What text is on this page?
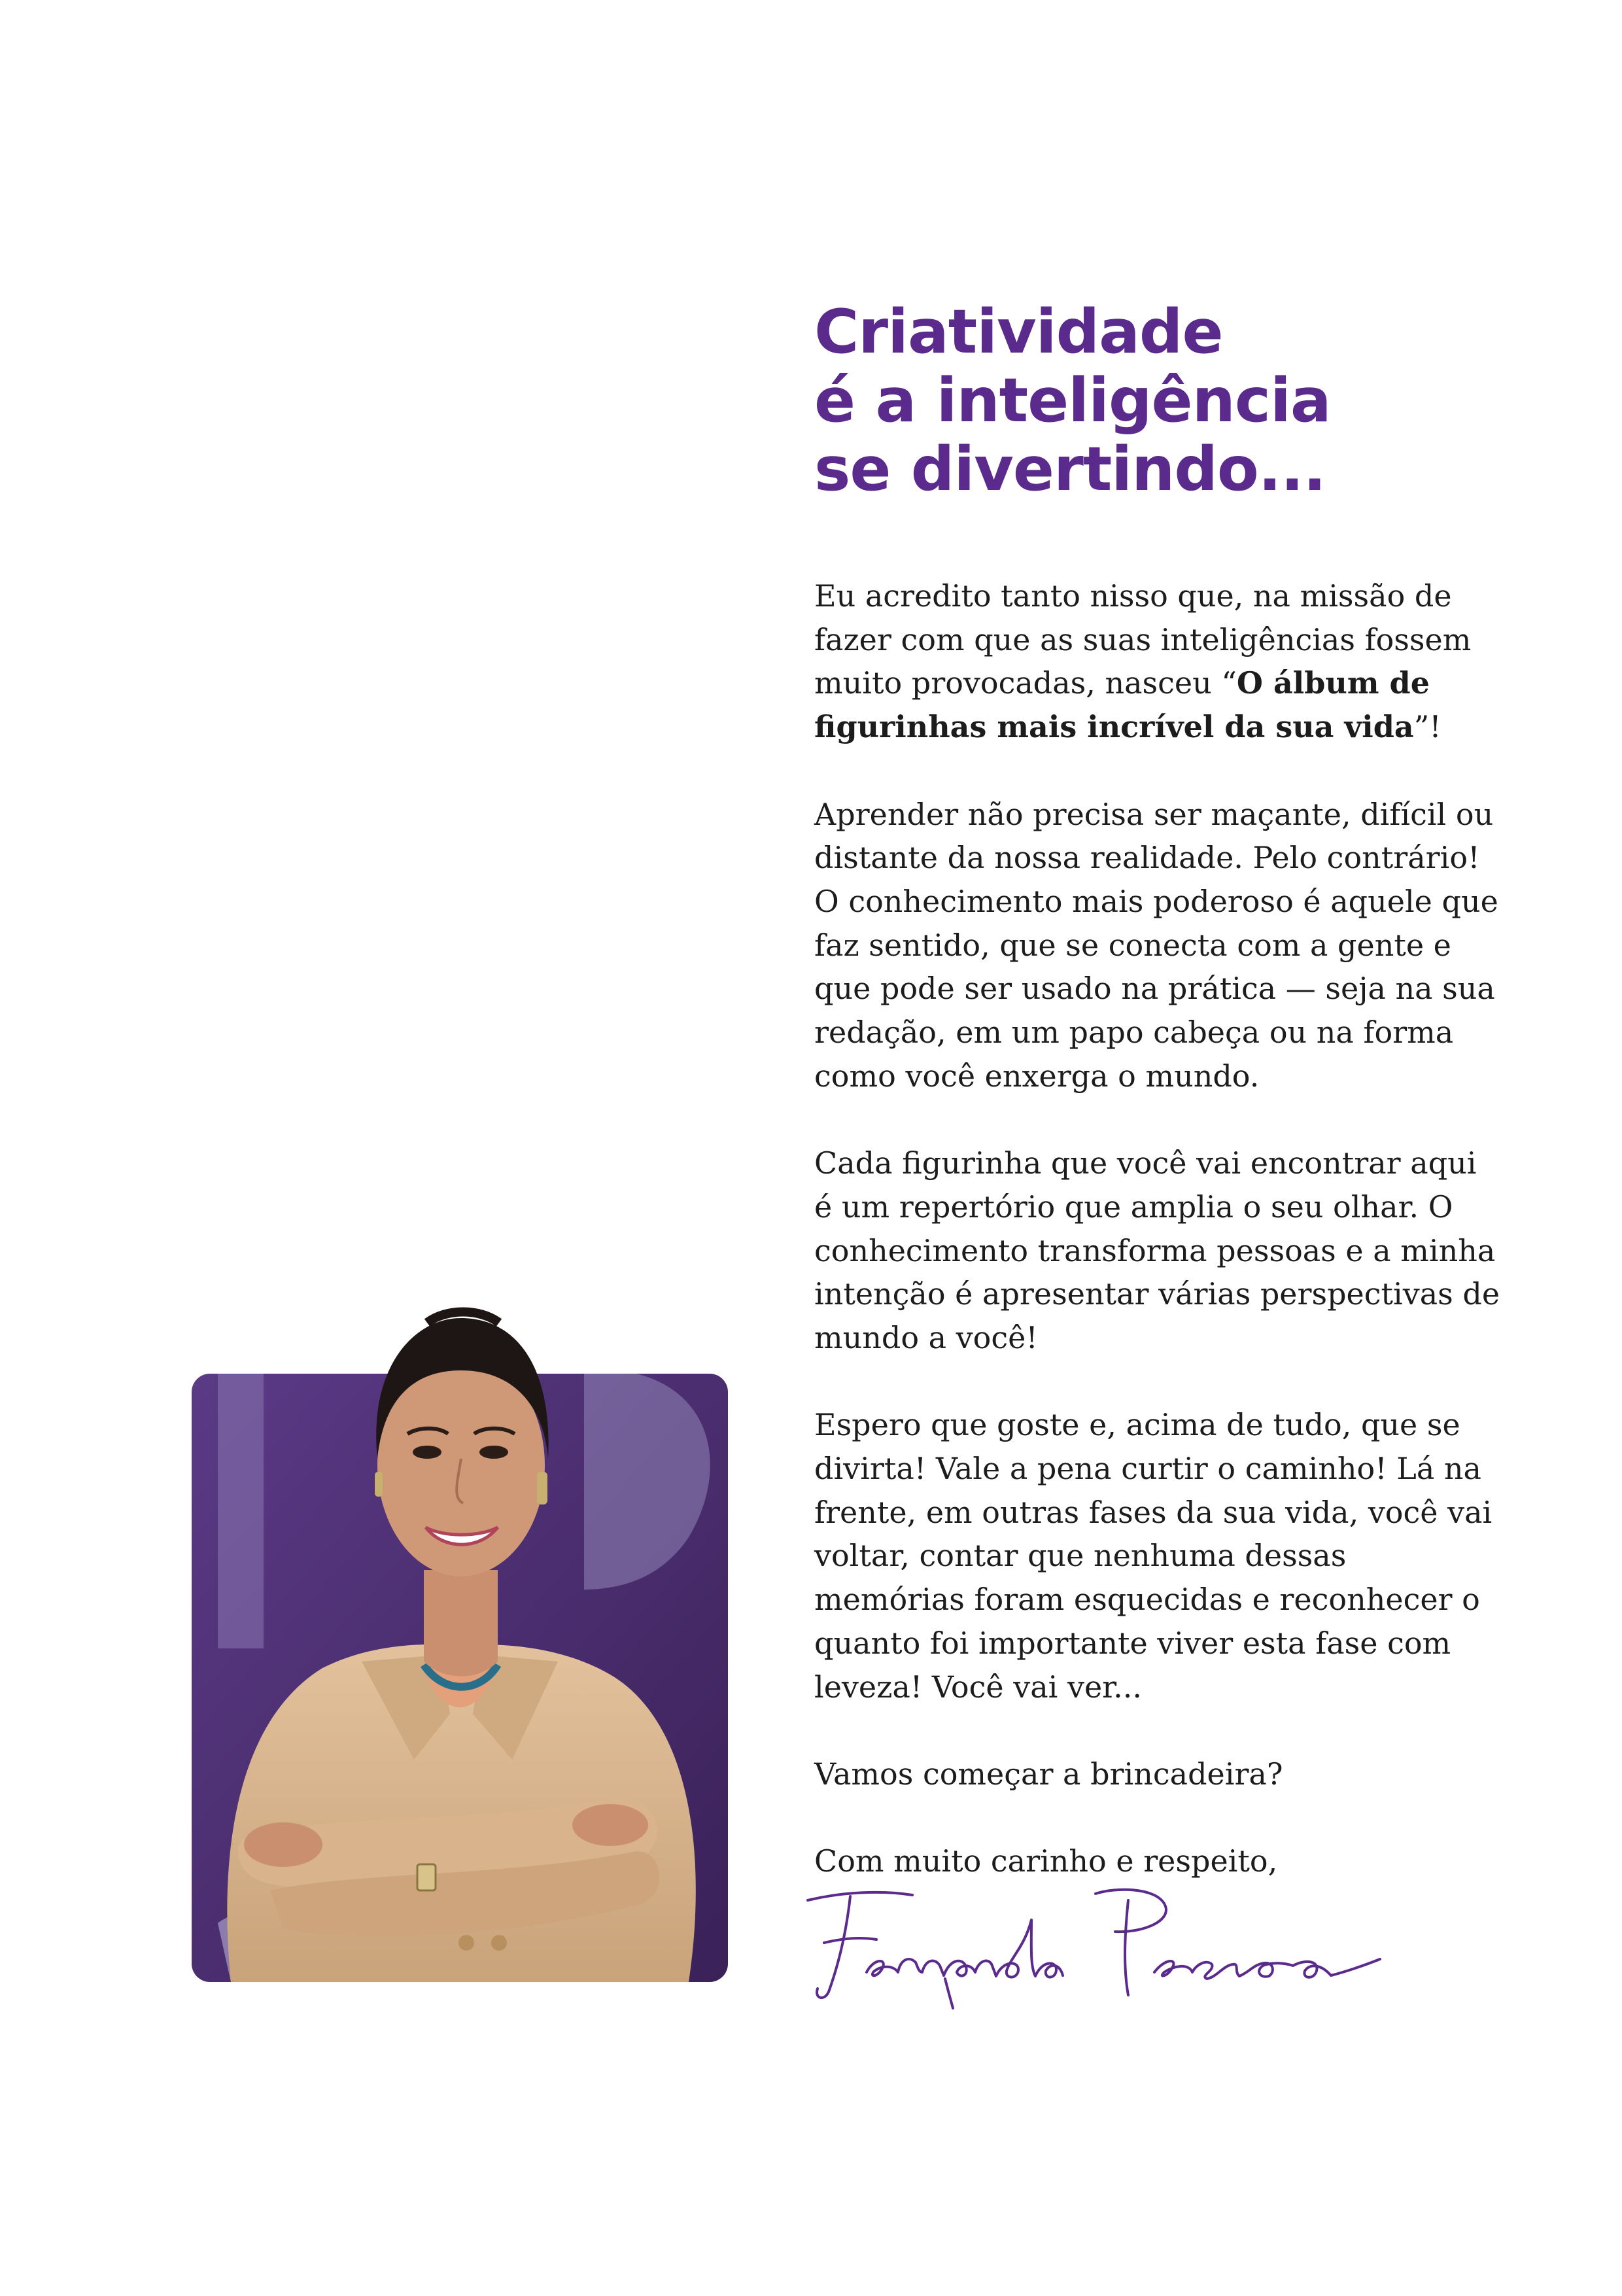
Criatividade
é a inteligência
se divertindo...

Eu acredito tanto nisso que, na missão de
fazer com que as suas inteligências fossem
muito provocadas, nasceu “O álbum de
figurinhas mais incrível da sua vida”!

Aprender não precisa ser maçante, difícil ou
distante da nossa realidade. Pelo contrário!
O conhecimento mais poderoso é aquele que
faz sentido, que se conecta com a gente e
que pode ser usado na prática — seja na sua
redação, em um papo cabeça ou na forma
como você enxerga o mundo.

Cada figurinha que você vai encontrar aqui
é um repertório que amplia o seu olhar. O
conhecimento transforma pessoas e a minha
intenção é apresentar várias perspectivas de
mundo a você!

Espero que goste e, acima de tudo, que se
divirta! Vale a pena curtir o caminho! Lá na
frente, em outras fases da sua vida, você vai
voltar, contar que nenhuma dessas
memórias foram esquecidas e reconhecer o
quanto foi importante viver esta fase com
leveza! Você vai ver...

Vamos começar a brincadeira?

Com muito carinho e respeito,
